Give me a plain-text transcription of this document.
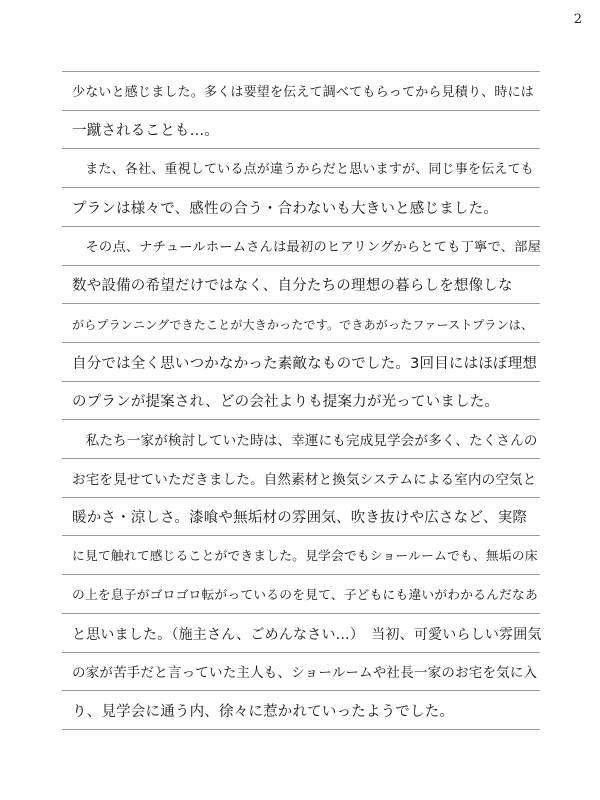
2
少ないと感じました。多くは要望を伝えて調べてもらってから見積り、時には
一蹴されることも…。
　また、各社、重視している点が違うからだと思いますが、同じ事を伝えても
プランは様々で、感性の合う・合わないも大きいと感じました。
　その点、ナチュールホームさんは最初のヒアリングからとても丁寧で、部屋
数や設備の希望だけではなく、自分たちの理想の暮らしを想像しな
がらプランニングできたことが大きかったです。できあがったファーストプランは、
自分では全く思いつかなかった素敵なものでした。3回目にはほぼ理想
のプランが提案され、どの会社よりも提案力が光っていました。
　私たち一家が検討していた時は、幸運にも完成見学会が多く、たくさんの
お宅を見せていただきました。自然素材と換気システムによる室内の空気と
暖かさ・涼しさ。漆喰や無垢材の雰囲気、吹き抜けや広さなど、実際
に見て触れて感じることができました。見学会でもショールームでも、無垢の床
の上を息子がゴロゴロ転がっているのを見て、子どもにも違いがわかるんだなあ
と思いました。（施主さん、ごめんなさい…）　当初、可愛いらしい雰囲気
の家が苦手だと言っていた主人も、ショールームや社長一家のお宅を気に入
り、見学会に通う内、徐々に惹かれていったようでした。
